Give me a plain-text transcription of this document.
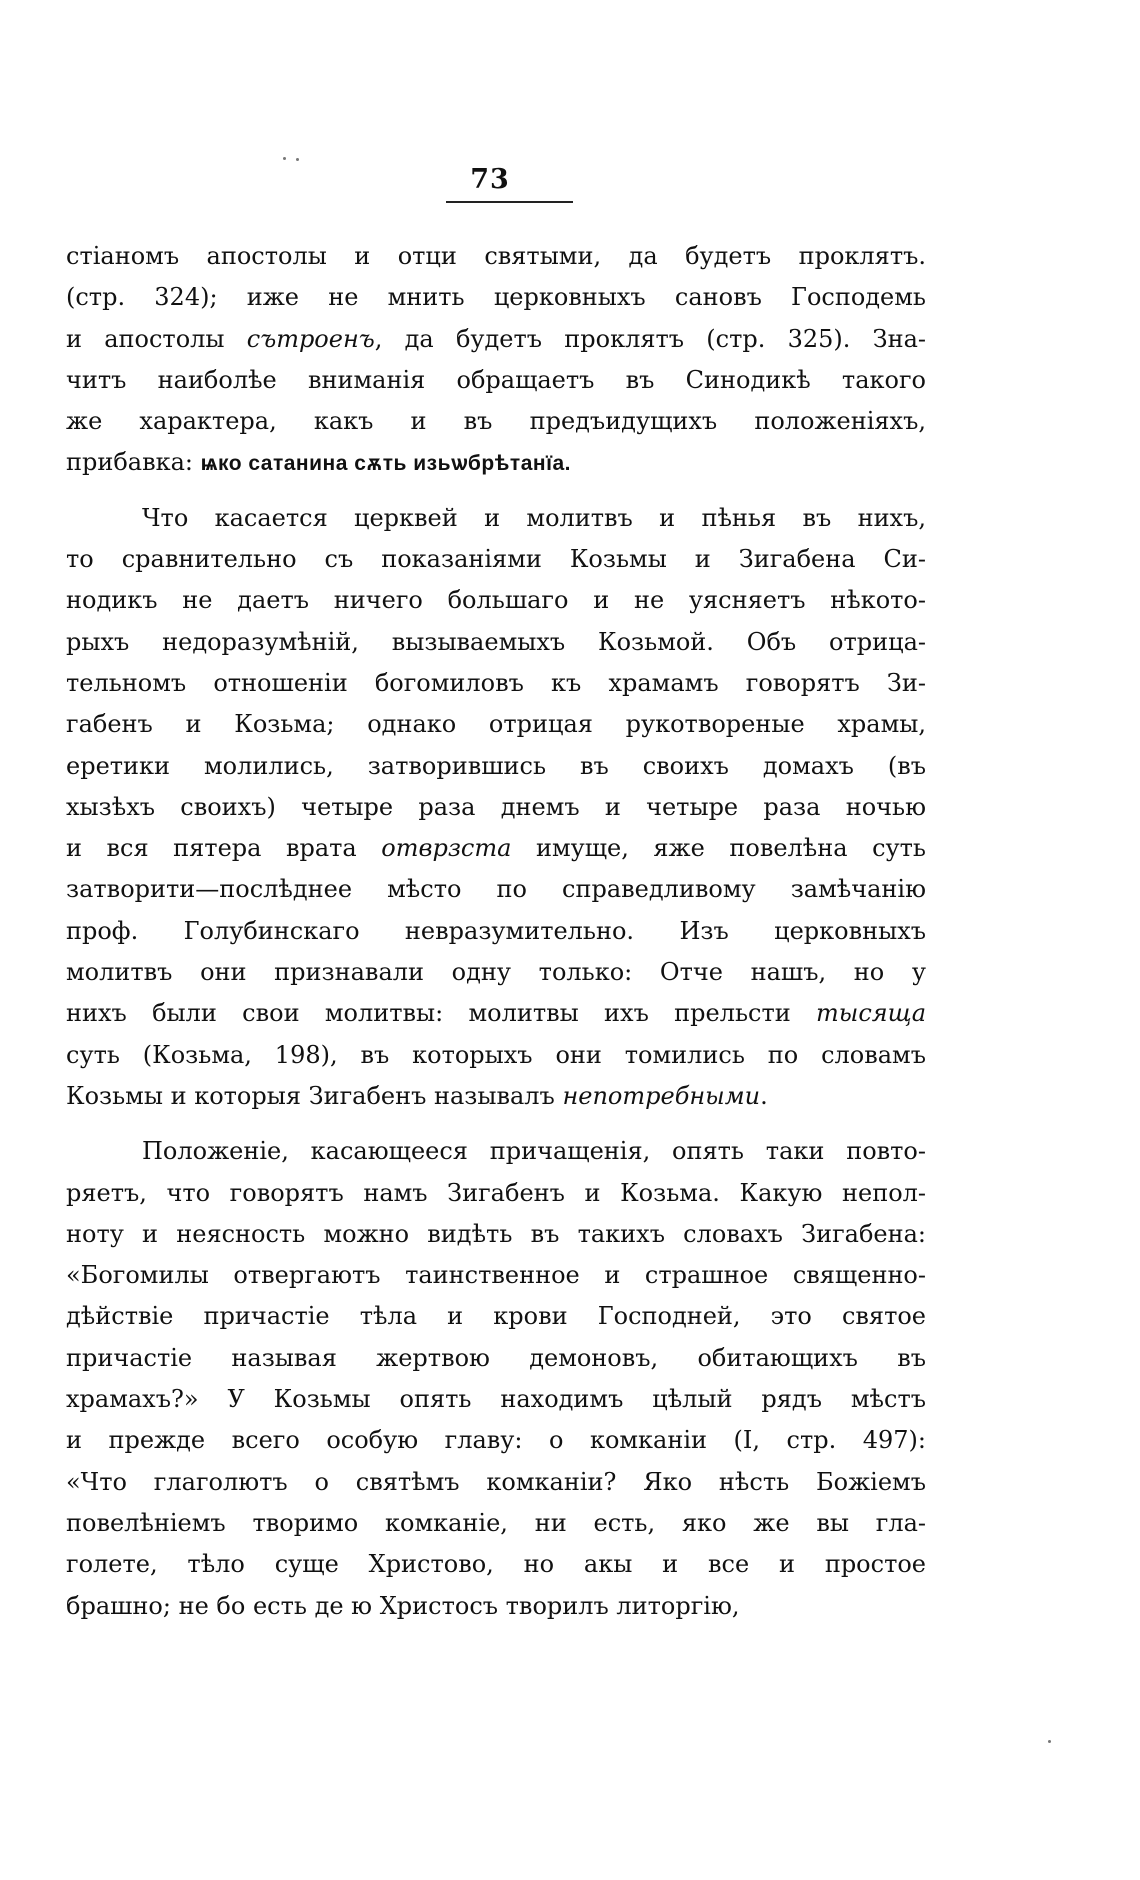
73
стіаномъ апостолы и отци святыми, да будетъ проклятъ.
(стр. 324); иже не мнить церковныхъ сановъ Господемь
и апостолы сътроенъ, да будетъ проклятъ (стр. 325). Зна-
читъ наиболѣе вниманія обращаетъ въ Синодикѣ такого
же характера, какъ и въ предъидущихъ положеніяхъ,
прибавка: ѩко сатанина сѫть изьѡбрѣтанїа.
Что касается церквей и молитвъ и пѣнья въ нихъ,
то сравнительно съ показаніями Козьмы и Зигабена Си-
нодикъ не даетъ ничего большаго и не уясняетъ нѣкото-
рыхъ недоразумѣній, вызываемыхъ Козьмой. Объ отрица-
тельномъ отношеніи богомиловъ къ храмамъ говорятъ Зи-
габенъ и Козьма; однако отрицая рукотвореные храмы,
еретики молились, затворившись въ своихъ домахъ (въ
хызѣхъ своихъ) четыре раза днемъ и четыре раза ночью
и вся пятера врата отврзста имуще, яже повелѣна суть
затворити—послѣднее мѣсто по справедливому замѣчанію
проф. Голубинскаго невразумительно. Изъ церковныхъ
молитвъ они признавали одну только: Отче нашъ, но у
нихъ были свои молитвы: молитвы ихъ прельсти тысяща
суть (Козьма, 198), въ которыхъ они томились по словамъ
Козьмы и которыя Зигабенъ называлъ непотребными.
Положеніе, касающееся причащенія, опять таки повто-
ряетъ, что говорятъ намъ Зигабенъ и Козьма. Какую непол-
ноту и неясность можно видѣть въ такихъ словахъ Зигабена:
«Богомилы отвергаютъ таинственное и страшное священно-
дѣйствіе причастіе тѣла и крови Господней, это святое
причастіе называя жертвою демоновъ, обитающихъ въ
храмахъ?» У Козьмы опять находимъ цѣлый рядъ мѣстъ
и прежде всего особую главу: о комканіи (I, стр. 497):
«Что глаголютъ о святѣмъ комканіи? Яко нѣсть Божіемъ
повелѣніемъ творимо комканіе, ни есть, яко же вы гла-
голете, тѣло суще Христово, но акы и все и простое
брашно; не бо есть де ю Христосъ творилъ литоргію,
